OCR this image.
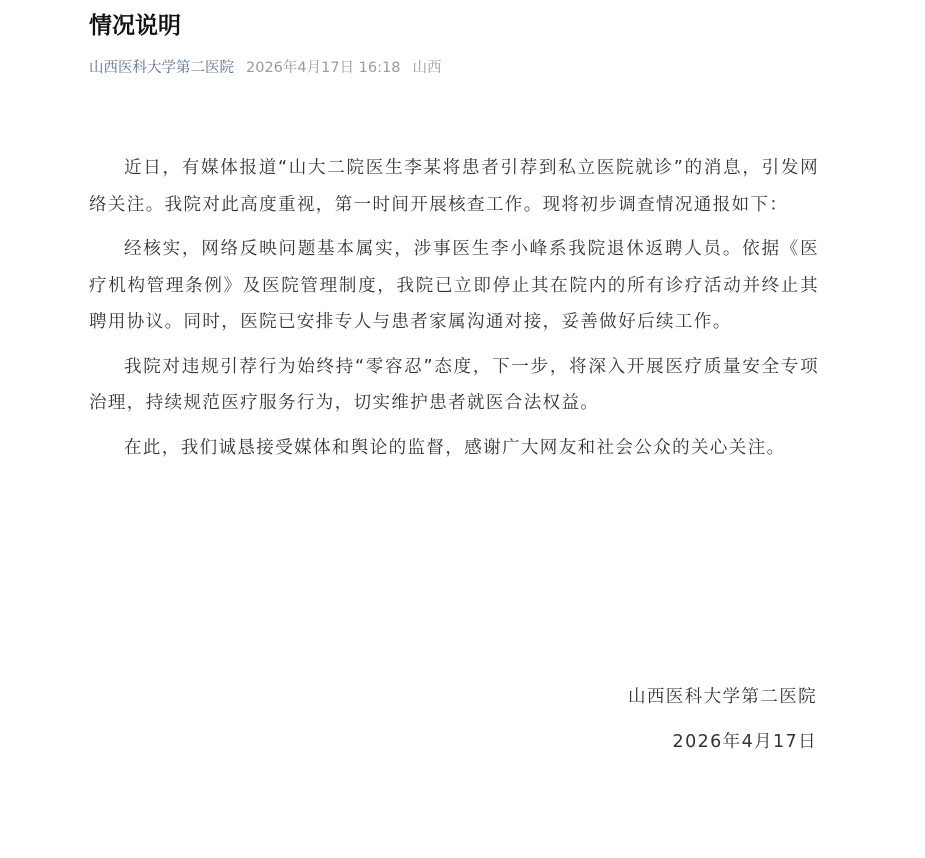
情况说明
山西医科大学第二医院 2026年4月17日 16:18 山西

近日，有媒体报道“山大二院医生李某将患者引荐到私立医院就诊”的消息，引发网络关注。我院对此高度重视，第一时间开展核查工作。现将初步调查情况通报如下：

经核实，网络反映问题基本属实，涉事医生李小峰系我院退休返聘人员。依据《医疗机构管理条例》及医院管理制度，我院已立即停止其在院内的所有诊疗活动并终止其聘用协议。同时，医院已安排专人与患者家属沟通对接，妥善做好后续工作。

我院对违规引荐行为始终持“零容忍”态度，下一步，将深入开展医疗质量安全专项治理，持续规范医疗服务行为，切实维护患者就医合法权益。

在此，我们诚恳接受媒体和舆论的监督，感谢广大网友和社会公众的关心关注。

山西医科大学第二医院
2026年4月17日
